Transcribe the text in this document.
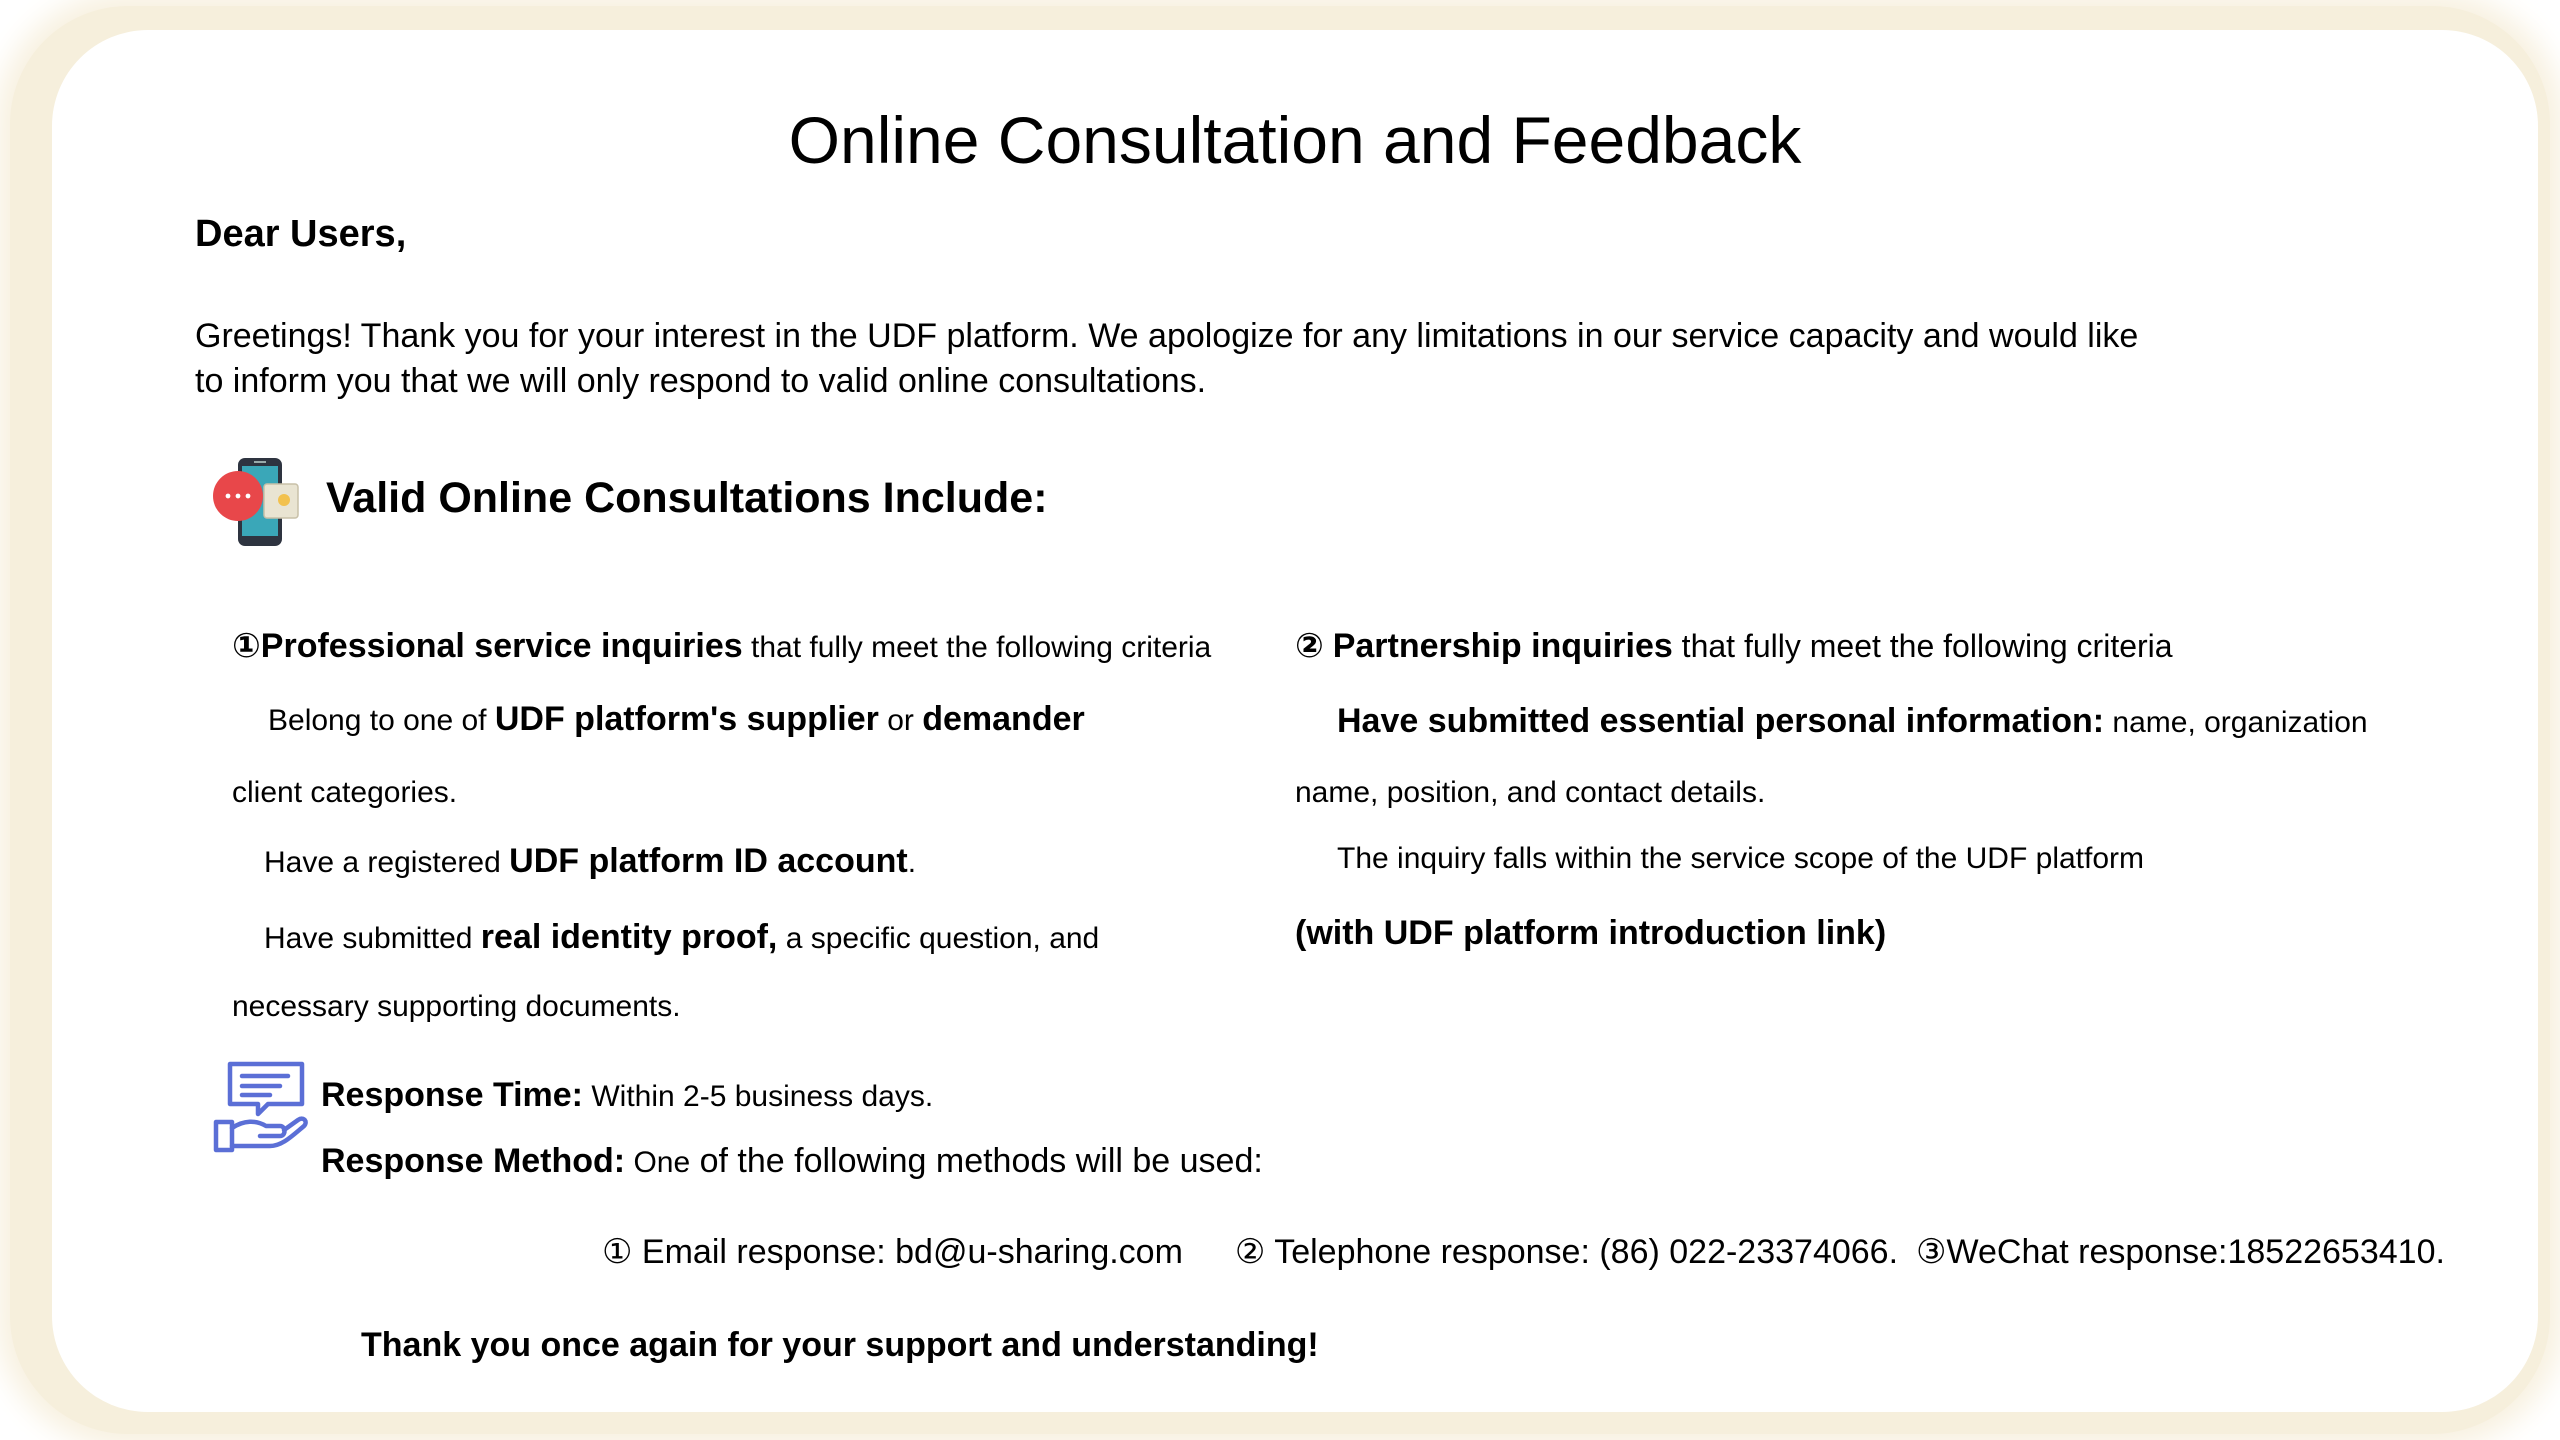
Online Consultation and Feedback
Dear Users,
Greetings! Thank you for your interest in the UDF platform. We apologize for any limitations in our service capacity and would like to inform you that we will only respond to valid online consultations.
Valid Online Consultations Include:
①Professional service inquiries that fully meet the following criteria
Belong to one of UDF platform's supplier or demander
client categories.
Have a registered UDF platform ID account.
Have submitted real identity proof, a specific question, and
necessary supporting documents.
② Partnership inquiries that fully meet the following criteria
Have submitted essential personal information: name, organization
name, position, and contact details.
The inquiry falls within the service scope of the UDF platform
(with UDF platform introduction link)
Response Time: Within 2-5 business days.
Response Method: One of the following methods will be used:
① Email response: bd@u-sharing.com ② Telephone response: (86) 022-23374066. ③WeChat response:18522653410.
Thank you once again for your support and understanding!
